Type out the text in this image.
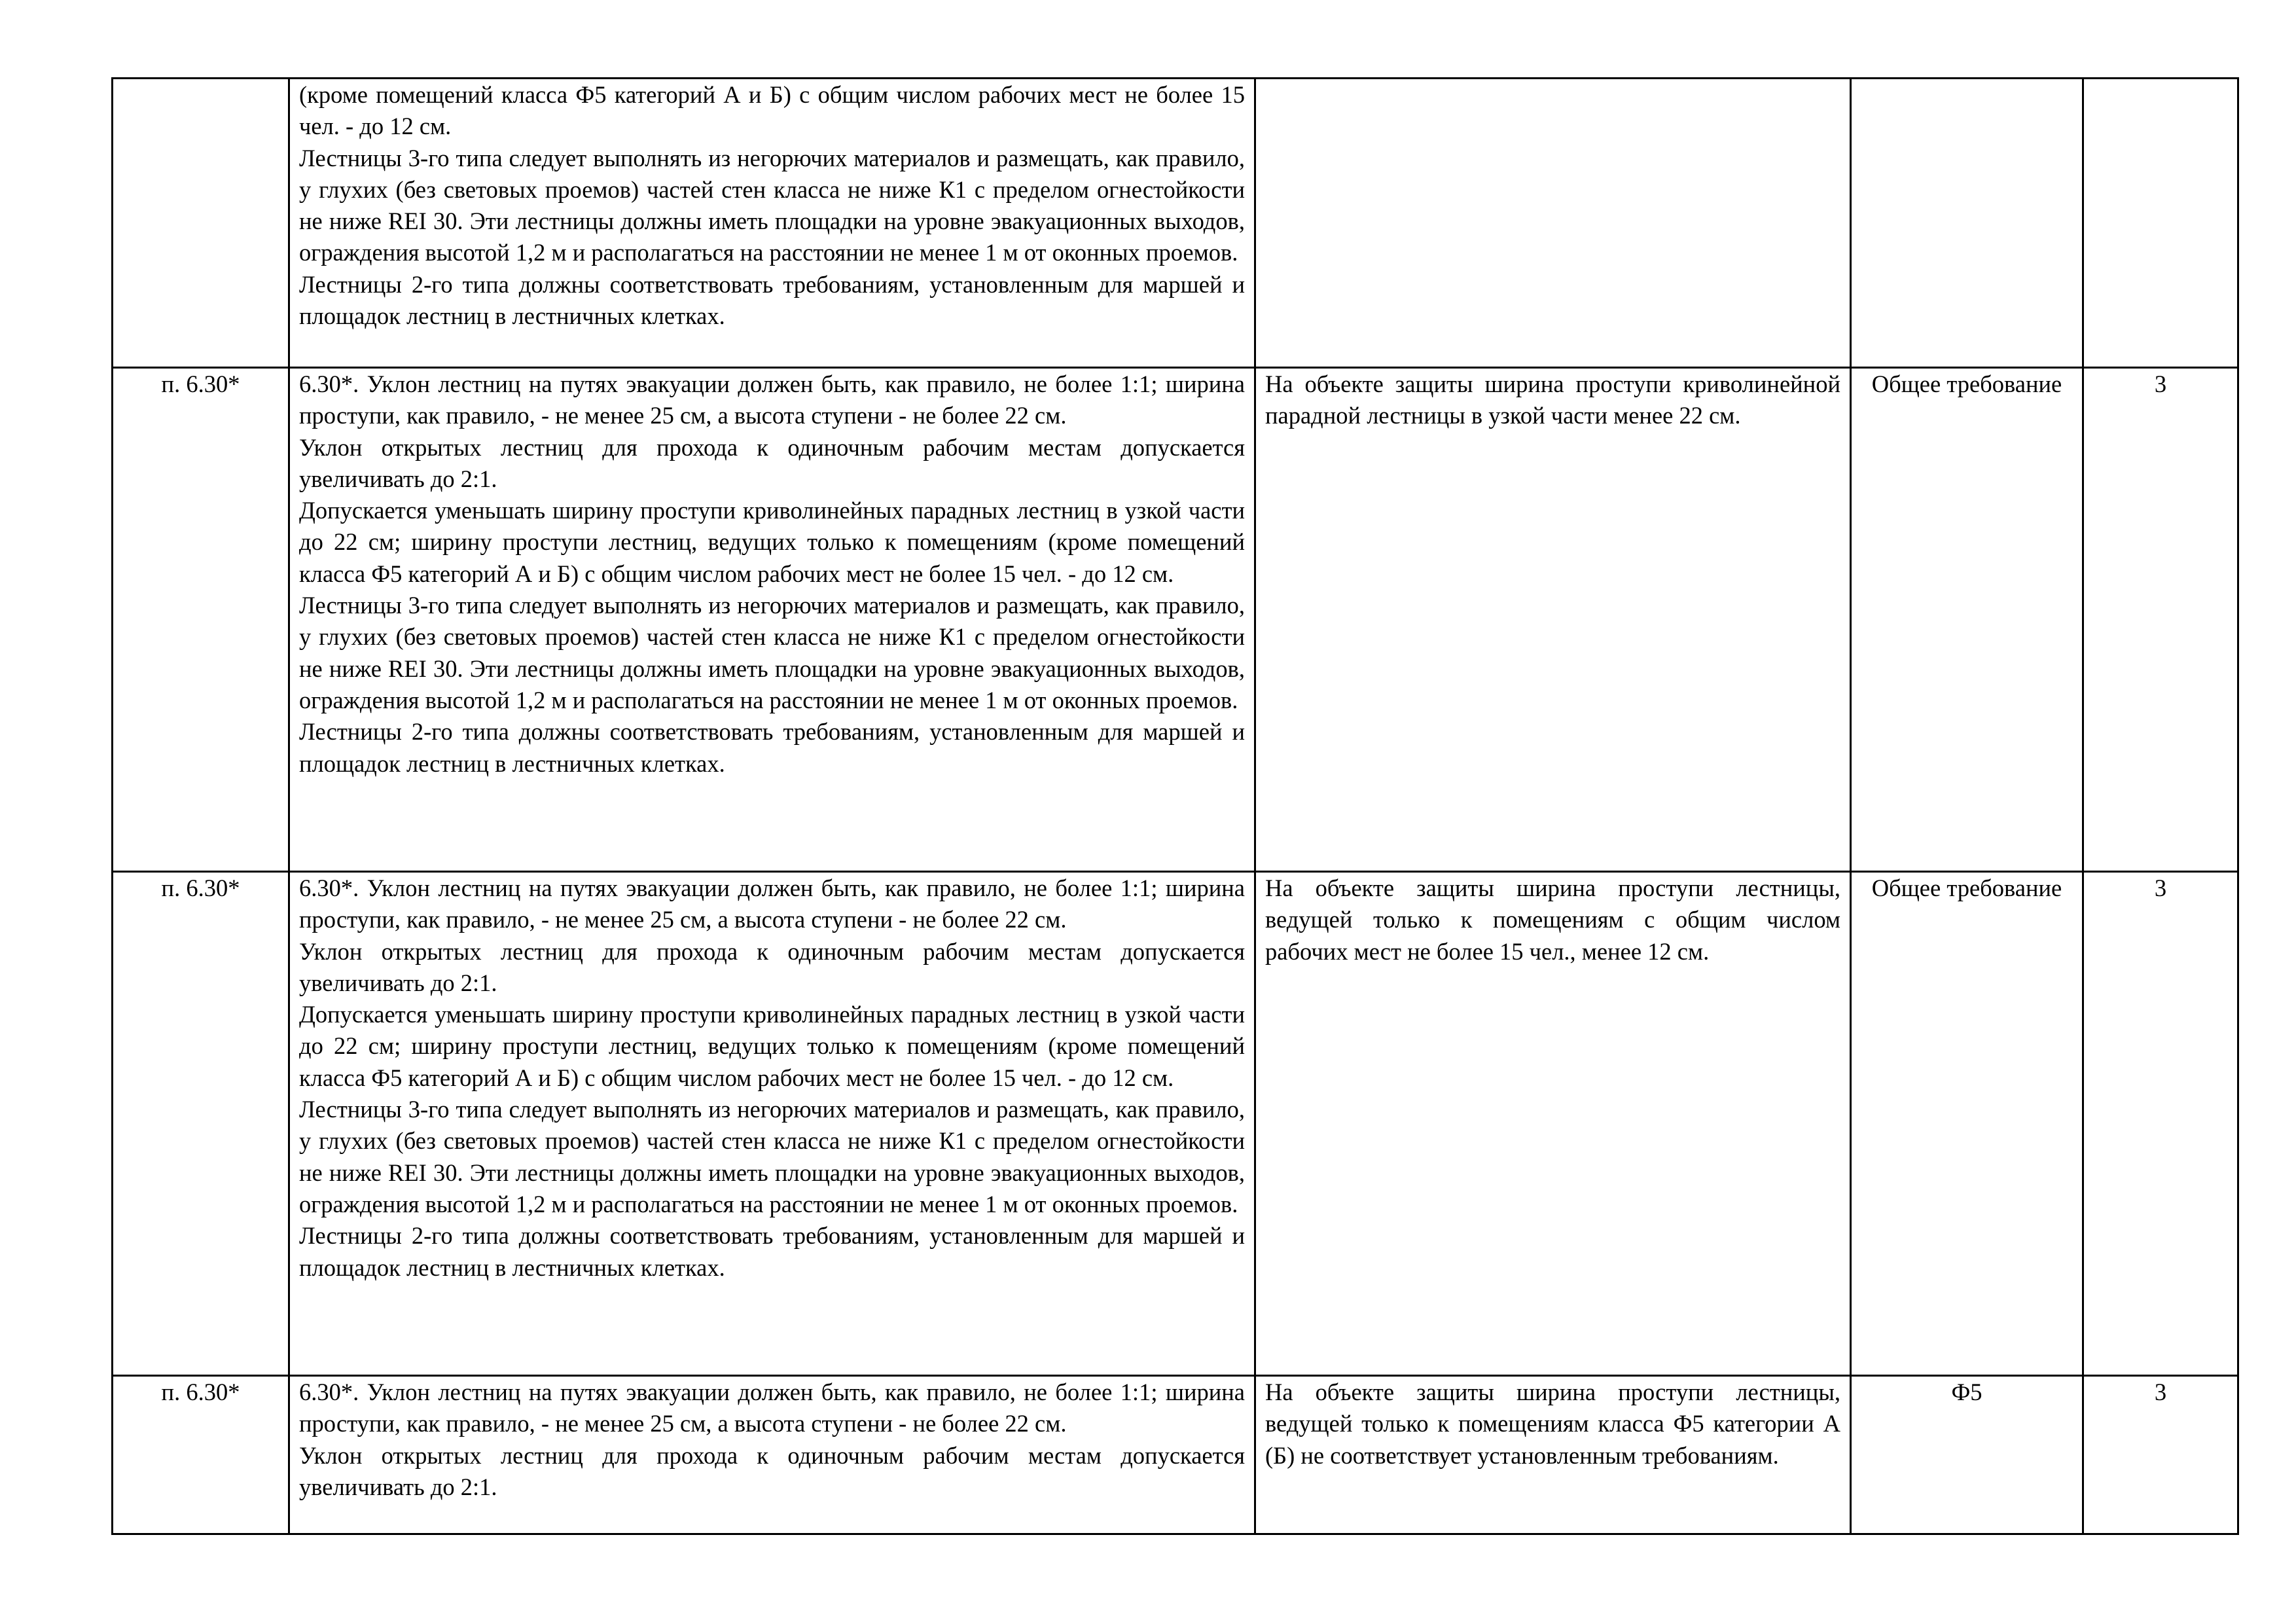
	(кроме помещений класса Ф5 категорий А и Б) с общим числом рабочих мест не более 15 чел. - до 12 см.
Лестницы 3-го типа следует выполнять из негорючих материалов и размещать, как правило, у глухих (без световых проемов) частей стен класса не ниже К1 с пределом огнестойкости не ниже REI 30. Эти лестницы должны иметь площадки на уровне эвакуационных выходов, ограждения высотой 1,2 м и располагаться на расстоянии не менее 1 м от оконных проемов.
Лестницы 2-го типа должны соответствовать требованиям, установленным для маршей и площадок лестниц в лестничных клетках.			

п. 6.30*	6.30*. Уклон лестниц на путях эвакуации должен быть, как правило, не более 1:1; ширина проступи, как правило, - не менее 25 см, а высота ступени - не более 22 см.
Уклон открытых лестниц для прохода к одиночным рабочим местам допускается увеличивать до 2:1.
Допускается уменьшать ширину проступи криволинейных парадных лестниц в узкой части до 22 см; ширину проступи лестниц, ведущих только к помещениям (кроме помещений класса Ф5 категорий А и Б) с общим числом рабочих мест не более 15 чел. - до 12 см.
Лестницы 3-го типа следует выполнять из негорючих материалов и размещать, как правило, у глухих (без световых проемов) частей стен класса не ниже К1 с пределом огнестойкости не ниже REI 30. Эти лестницы должны иметь площадки на уровне эвакуационных выходов, ограждения высотой 1,2 м и располагаться на расстоянии не менее 1 м от оконных проемов.
Лестницы 2-го типа должны соответствовать требованиям, установленным для маршей и площадок лестниц в лестничных клетках.	На объекте защиты ширина проступи криволинейной парадной лестницы в узкой части менее 22 см.	Общее требование	3
п. 6.30*	6.30*. Уклон лестниц на путях эвакуации должен быть, как правило, не более 1:1; ширина проступи, как правило, - не менее 25 см, а высота ступени - не более 22 см.
Уклон открытых лестниц для прохода к одиночным рабочим местам допускается увеличивать до 2:1.
Допускается уменьшать ширину проступи криволинейных парадных лестниц в узкой части до 22 см; ширину проступи лестниц, ведущих только к помещениям (кроме помещений класса Ф5 категорий А и Б) с общим числом рабочих мест не более 15 чел. - до 12 см.
Лестницы 3-го типа следует выполнять из негорючих материалов и размещать, как правило, у глухих (без световых проемов) частей стен класса не ниже К1 с пределом огнестойкости не ниже REI 30. Эти лестницы должны иметь площадки на уровне эвакуационных выходов, ограждения высотой 1,2 м и располагаться на расстоянии не менее 1 м от оконных проемов.
Лестницы 2-го типа должны соответствовать требованиям, установленным для маршей и площадок лестниц в лестничных клетках.	На объекте защиты ширина проступи лестницы, ведущей только к помещениям с общим числом рабочих мест не более 15 чел., менее 12 см.	Общее требование	3
п. 6.30*	6.30*. Уклон лестниц на путях эвакуации должен быть, как правило, не более 1:1; ширина проступи, как правило, - не менее 25 см, а высота ступени - не более 22 см.
Уклон открытых лестниц для прохода к одиночным рабочим местам допускается увеличивать до 2:1.	На объекте защиты ширина проступи лестницы, ведущей только к помещениям класса Ф5 категории А (Б) не соответствует установленным требованиям.	Ф5	3
